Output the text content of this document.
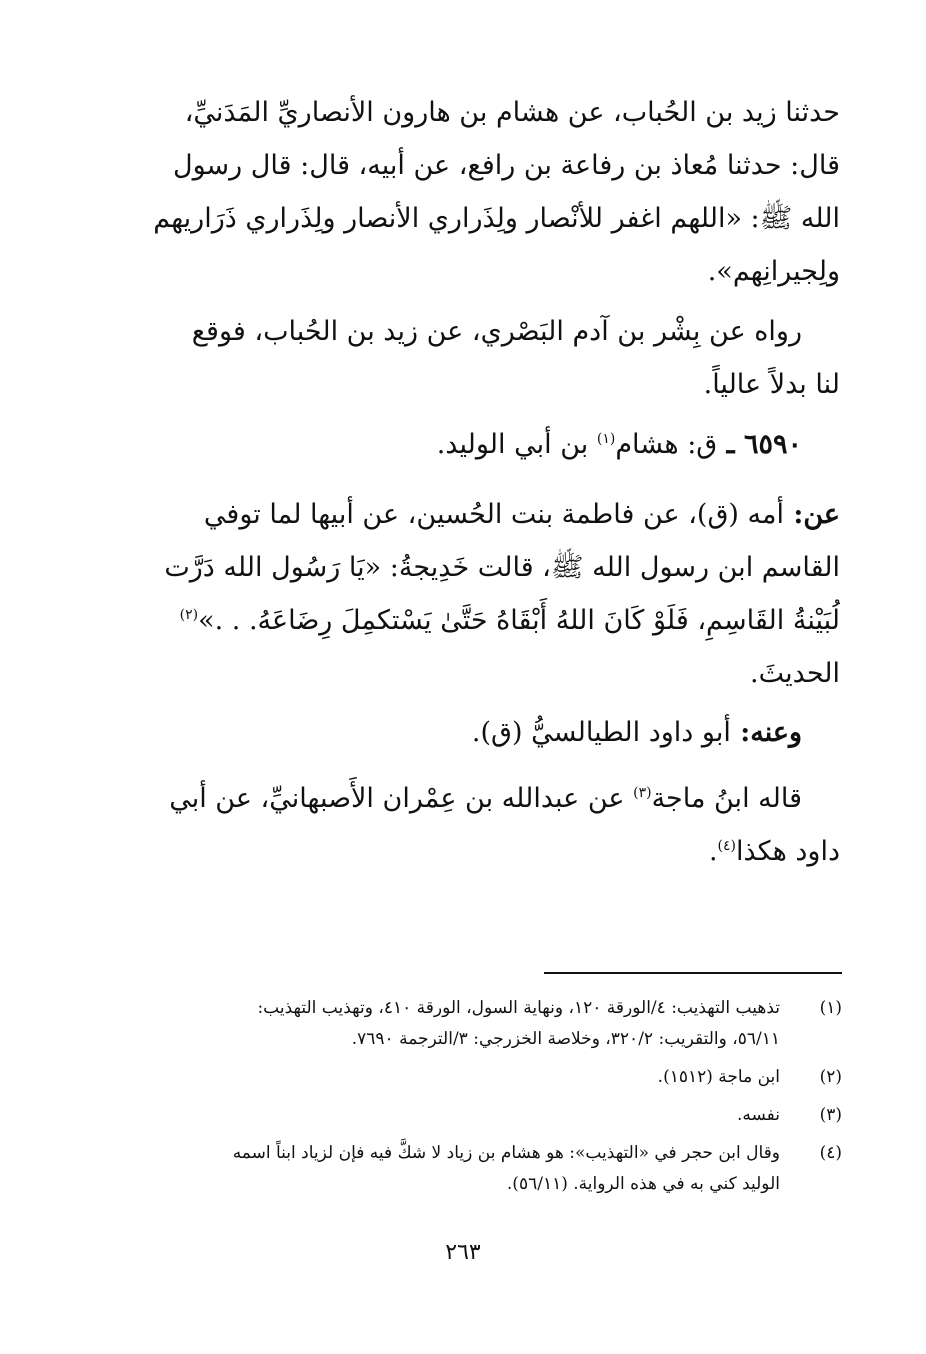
حدثنا زيد بن الحُباب، عن هشام بن هارون الأنصاريِّ المَدَنيِّ،
قال: حدثنا مُعاذ بن رفاعة بن رافع، عن أبيه، قال: قال رسول
الله ﷺ: «اللهم اغفر للأنْصار ولِذَراري الأنصار ولِذَراري ذَرَاريهم
ولِجيرانِهم».
رواه عن بِشْر بن آدم البَصْري، عن زيد بن الحُباب، فوقع
لنا بدلاً عالياً.
٦٥٩٠ ـ ق: هشام$^{(١)}$ بن أبي الوليد.
عن: أمه (ق)، عن فاطمة بنت الحُسين، عن أبيها لما توفي
القاسم ابن رسول الله ﷺ، قالت خَدِيجةُ: «يَا رَسُول الله دَرَّت
لُبَيْنةُ القَاسِمِ، فَلَوْ كَانَ اللهُ أَبْقَاهُ حَتَّىٰ يَسْتكمِلَ رِضَاعَهُ. . .»$^{(٢)}$
الحديثَ.
وعنه: أبو داود الطيالسيُّ (ق).
قاله ابنُ ماجة$^{(٣)}$ عن عبدالله بن عِمْران الأَصبهانيِّ، عن أبي
داود هكذا$^{(٤)}$.
(١)
تذهيب التهذيب: ٤/الورقة ١٢٠، ونهاية السول، الورقة ٤١٠، وتهذيب التهذيب:
٥٦/١١، والتقريب: ٣٢٠/٢، وخلاصة الخزرجي: ٣/الترجمة ٧٦٩٠.
(٢)
ابن ماجة (١٥١٢).
(٣)
نفسه.
(٤)
وقال ابن حجر في «التهذيب»: هو هشام بن زياد لا شكَّ فيه فإن لزياد ابناً اسمه
الوليد كني به في هذه الرواية. (٥٦/١١).
٢٦٣
